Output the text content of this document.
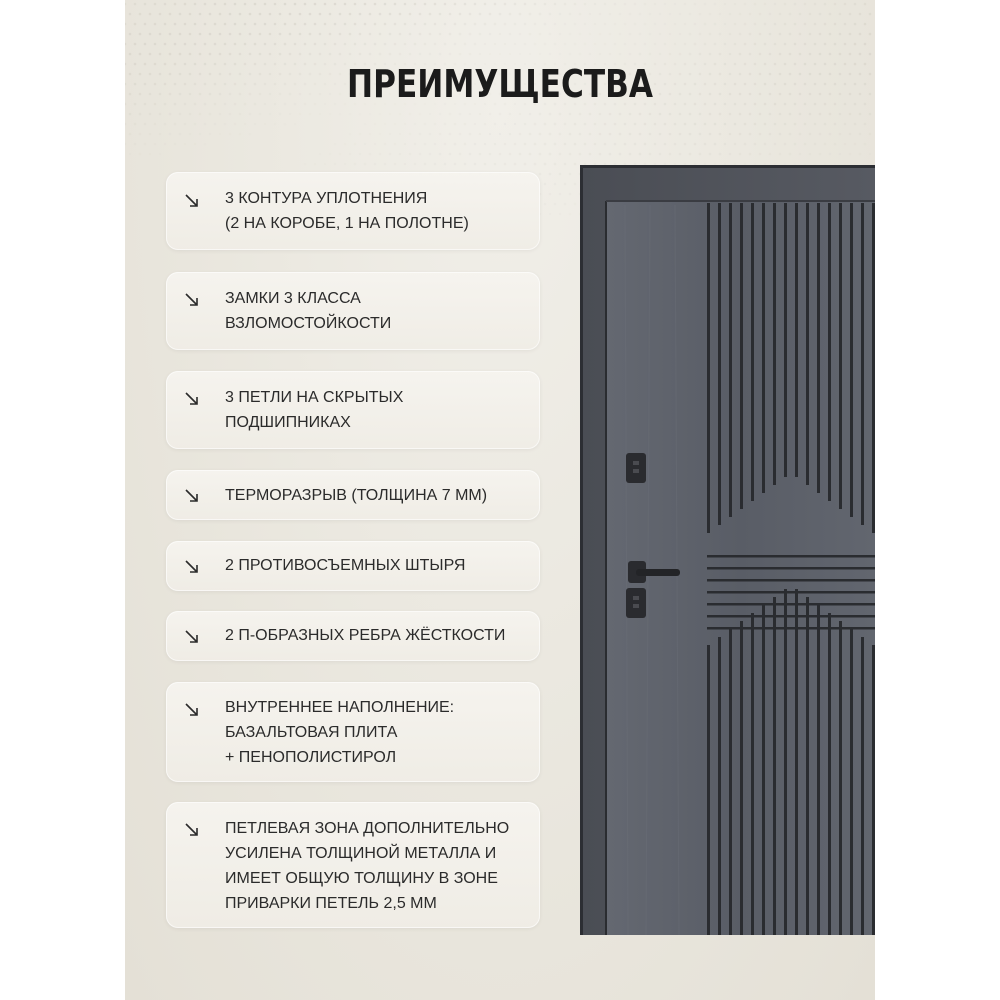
ПРЕИМУЩЕСТВА
3 КОНТУРА УПЛОТНЕНИЯ
(2 НА КОРОБЕ, 1 НА ПОЛОТНЕ)
ЗАМКИ 3 КЛАССА
ВЗЛОМОСТОЙКОСТИ
3 ПЕТЛИ НА СКРЫТЫХ
ПОДШИПНИКАХ
ТЕРМОРАЗРЫВ (ТОЛЩИНА 7 ММ)
2 ПРОТИВОСЪЕМНЫХ ШТЫРЯ
2 П-ОБРАЗНЫХ РЕБРА ЖЁСТКОСТИ
ВНУТРЕННЕЕ НАПОЛНЕНИЕ:
БАЗАЛЬТОВАЯ ПЛИТА
+ ПЕНОПОЛИСТИРОЛ
ПЕТЛЕВАЯ ЗОНА ДОПОЛНИТЕЛЬНО
УСИЛЕНА ТОЛЩИНОЙ МЕТАЛЛА И
ИМЕЕТ ОБЩУЮ ТОЛЩИНУ В ЗОНЕ
ПРИВАРКИ ПЕТЕЛЬ 2,5 ММ
